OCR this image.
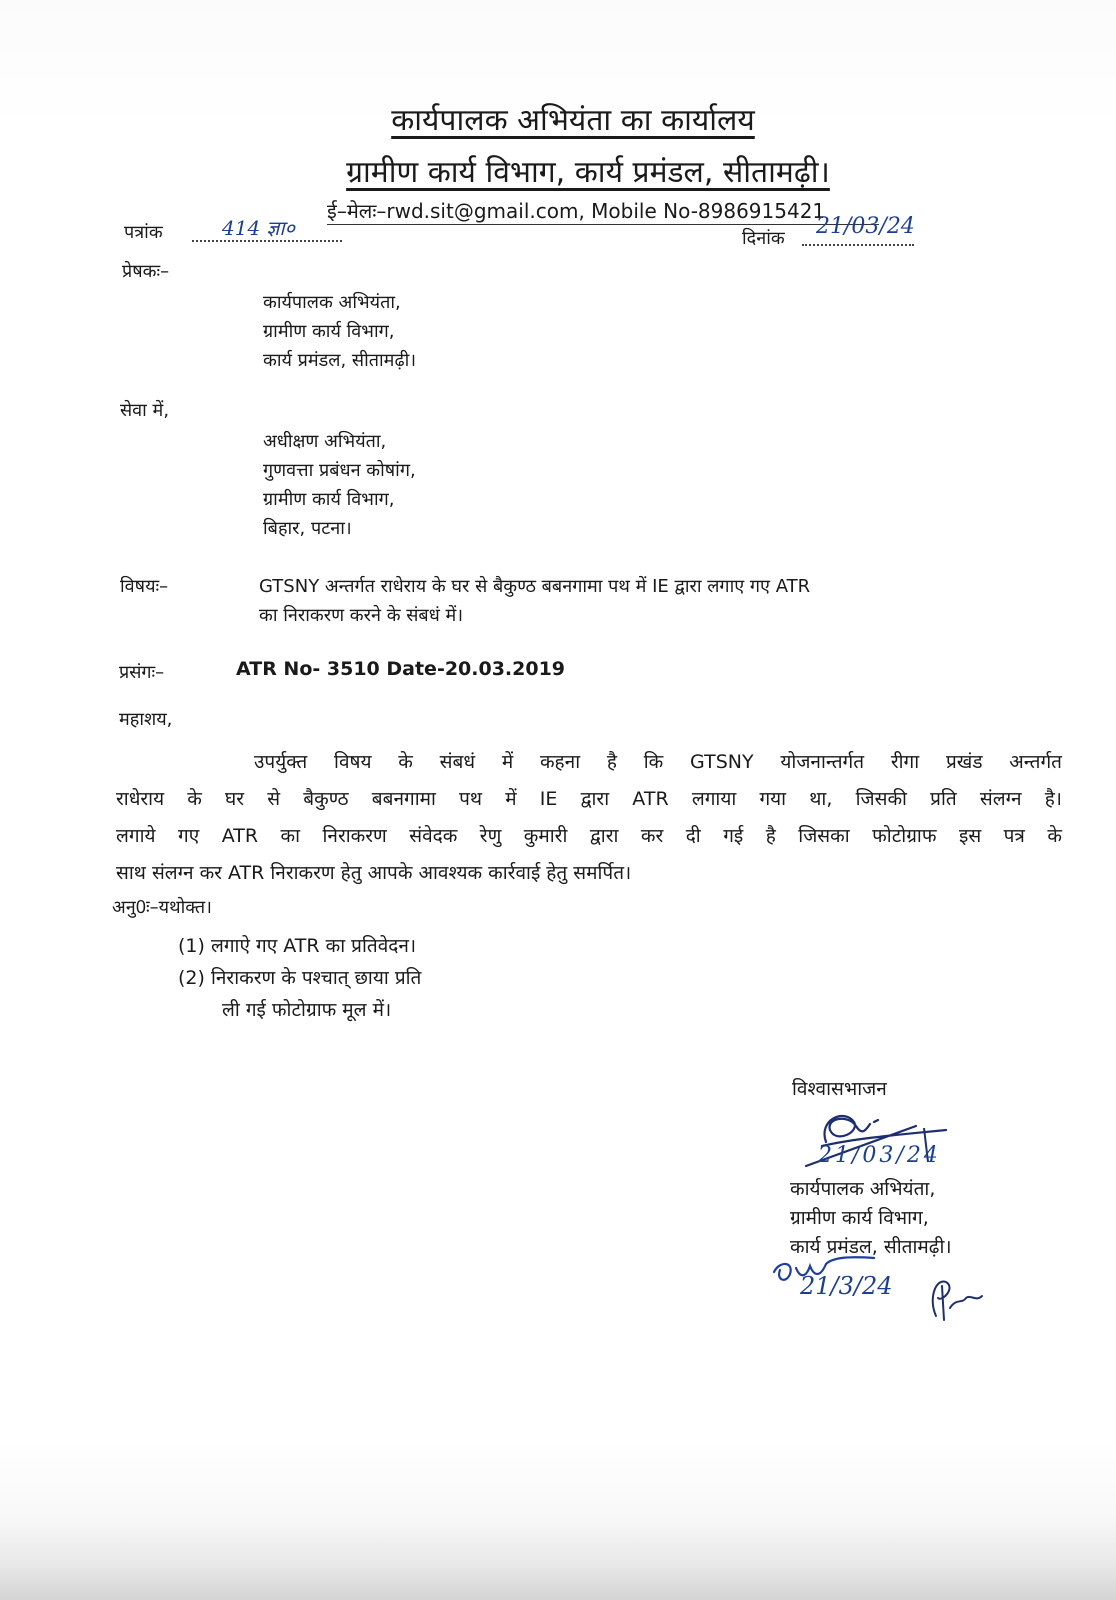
कार्यपालक अभियंता का कार्यालय
ग्रामीण कार्य विभाग, कार्य प्रमंडल, सीतामढ़ी।
ई–मेलः–rwd.sit@gmail.com, Mobile No-8986915421
पत्रांक	414 ज्ञा०	दिनांक 21/03/24
प्रेषकः–
कार्यपालक अभियंता,
ग्रामीण कार्य विभाग,
कार्य प्रमंडल, सीतामढ़ी।
सेवा में,
अधीक्षण अभियंता,
गुणवत्ता प्रबंधन कोषांग,
ग्रामीण कार्य विभाग,
बिहार, पटना।
विषयः–	GTSNY अन्तर्गत राधेराय के घर से बैकुण्ठ बबनगामा पथ में IE द्वारा लगाए गए ATR
का निराकरण करने के संबधं में।
प्रसंगः–	ATR No- 3510 Date-20.03.2019
महाशय,
उपर्युक्त विषय के संबधं में कहना है कि GTSNY योजनान्तर्गत रीगा प्रखंड अन्तर्गत
राधेराय के घर से बैकुण्ठ बबनगामा पथ में IE द्वारा ATR लगाया गया था, जिसकी प्रति संलग्न है।
लगाये गए ATR का निराकरण संवेदक रेणु कुमारी द्वारा कर दी गई है जिसका फोटोग्राफ इस पत्र के
साथ संलग्न कर ATR निराकरण हेतु आपके आवश्यक कार्रवाई हेतु समर्पित।
अनु0ः–यथोक्त।
(1) लगाऐ गए ATR का प्रतिवेदन।
(2) निराकरण के पश्चात् छाया प्रति
ली गई फोटोग्राफ मूल में।
विश्वासभाजन
21/03/24
कार्यपालक अभियंता,
ग्रामीण कार्य विभाग,
कार्य प्रमंडल, सीतामढ़ी।
21/3/24
